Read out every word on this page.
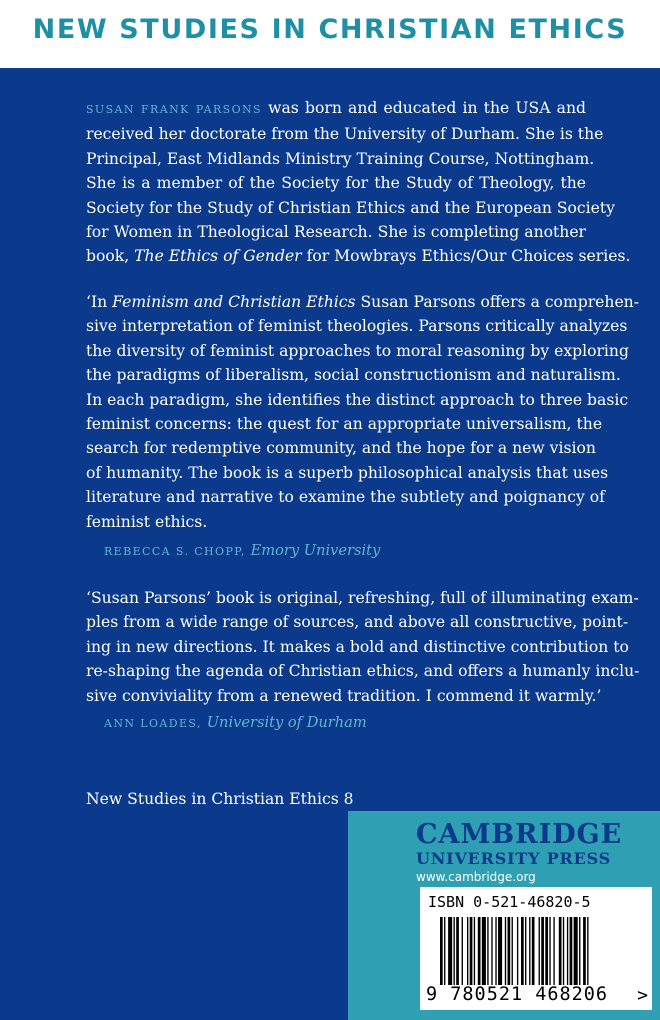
NEW STUDIES IN CHRISTIAN ETHICS
SUSAN FRANK PARSONS was born and educated in the USA and
received her doctorate from the University of Durham. She is the
Principal, East Midlands Ministry Training Course, Nottingham.
She is a member of the Society for the Study of Theology, the
Society for the Study of Christian Ethics and the European Society
for Women in Theological Research. She is completing another
book, The Ethics of Gender for Mowbrays Ethics/Our Choices series.
‘In Feminism and Christian Ethics Susan Parsons offers a comprehen-
sive interpretation of feminist theologies. Parsons critically analyzes
the diversity of feminist approaches to moral reasoning by exploring
the paradigms of liberalism, social constructionism and naturalism.
In each paradigm, she identifies the distinct approach to three basic
feminist concerns: the quest for an appropriate universalism, the
search for redemptive community, and the hope for a new vision
of humanity. The book is a superb philosophical analysis that uses
literature and narrative to examine the subtlety and poignancy of
feminist ethics.
REBECCA S. CHOPP, Emory University
‘Susan Parsons’ book is original, refreshing, full of illuminating exam-
ples from a wide range of sources, and above all constructive, point-
ing in new directions. It makes a bold and distinctive contribution to
re-shaping the agenda of Christian ethics, and offers a humanly inclu-
sive conviviality from a renewed tradition. I commend it warmly.’
ANN LOADES, University of Durham
New Studies in Christian Ethics 8
CAMBRIDGE
UNIVERSITY PRESS
www.cambridge.org
ISBN 0-521-46820-5
9 780521 468206 >
